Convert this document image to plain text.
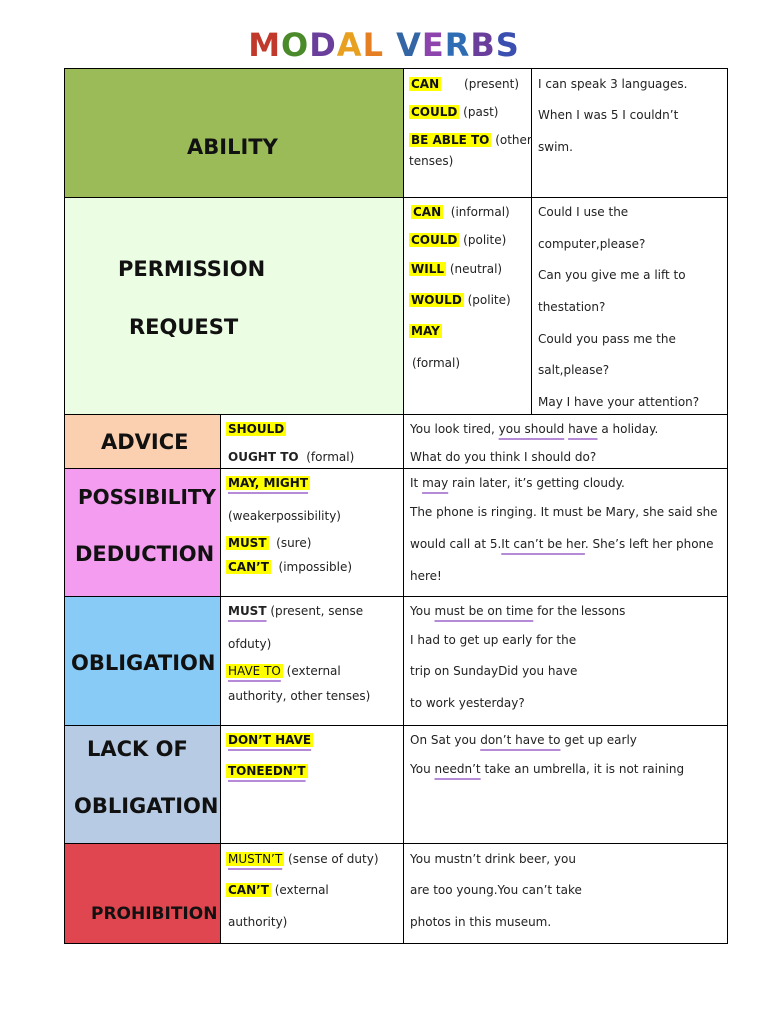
MODAL VERBS
ABILITY
PERMISSION
REQUEST
ADVICE
POSSIBILITY
DEDUCTION
OBLIGATION
LACK OF
OBLIGATION
PROHIBITION
CAN      (present)
COULD (past)
BE ABLE TO (other
tenses)
I can speak 3 languages.
When I was 5 I couldn’t
swim.
CAN  (informal)
COULD (polite)
WILL (neutral)
WOULD (polite)
MAY
(formal)
Could I use the
computer,please?
Can you give me a lift to
thestation?
Could you pass me the
salt,please?
May I have your attention?
SHOULD
OUGHT TO  (formal)
You look tired, you should have a holiday.
What do you think I should do?
MAY, MIGHT
(weakerpossibility)
MUST  (sure)
CAN’T  (impossible)
It may rain later, it’s getting cloudy.
The phone is ringing. It must be Mary, she said she
would call at 5.It can’t be her. She’s left her phone
here!
MUST (present, sense
ofduty)
HAVE TO (external
authority, other tenses)
You must be on time for the lessons
I had to get up early for the
trip on SundayDid you have
to work yesterday?
DON’T HAVE
TONEEDN’T
On Sat you don’t have to get up early
You needn’t take an umbrella, it is not raining
MUSTN’T (sense of duty)
CAN’T (external
authority)
You mustn’t drink beer, you
are too young.You can’t take
photos in this museum.
